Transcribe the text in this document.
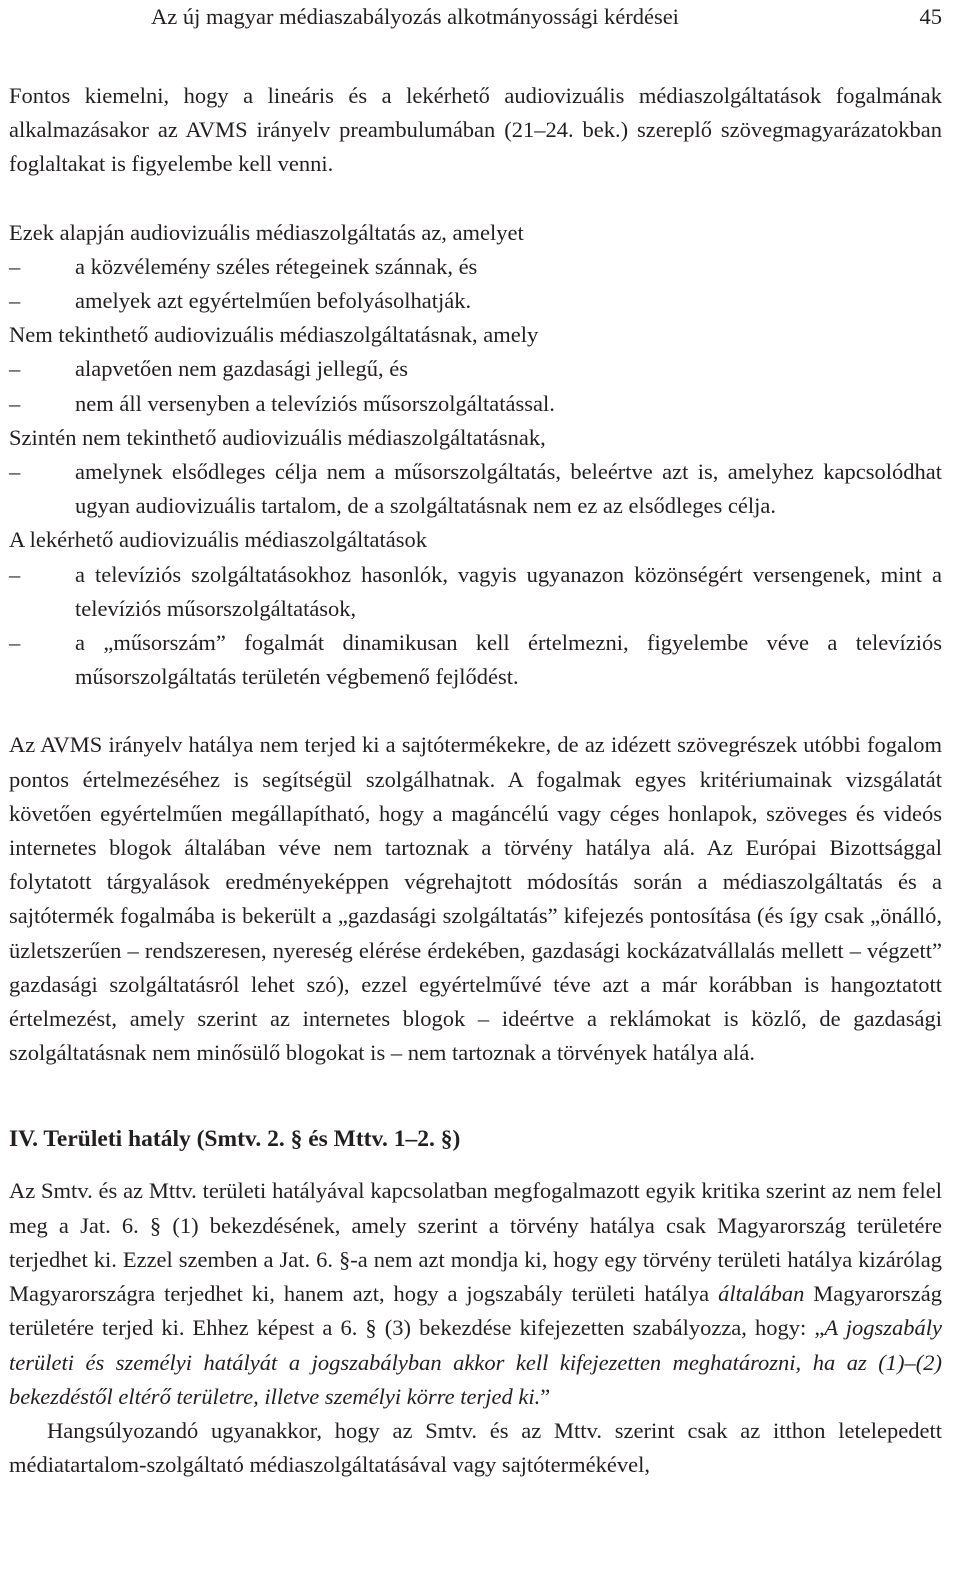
Az új magyar médiaszabályozás alkotmányossági kérdései	45

Fontos kiemelni, hogy a lineáris és a lekérhető audiovizuális médiaszolgáltatások fogalmának alkalmazásakor az AVMS irányelv preambulumában (21–24. bek.) szereplő szövegmagyarázatokban foglaltakat is figyelembe kell venni.

Ezek alapján audiovizuális médiaszolgáltatás az, amelyet

–	a közvélemény széles rétegeinek szánnak, és
–	amelyek azt egyértelműen befolyásolhatják.

Nem tekinthető audiovizuális médiaszolgáltatásnak, amely

–	alapvetően nem gazdasági jellegű, és
–	nem áll versenyben a televíziós műsorszolgáltatással.

Szintén nem tekinthető audiovizuális médiaszolgáltatásnak,

–	amelynek elsődleges célja nem a műsorszolgáltatás, beleértve azt is, amelyhez kapcsolódhat ugyan audiovizuális tartalom, de a szolgáltatásnak nem ez az elsődleges célja.

A lekérhető audiovizuális médiaszolgáltatások

–	a televíziós szolgáltatásokhoz hasonlók, vagyis ugyanazon közönségért versengenek, mint a televíziós műsorszolgáltatások,
–	a „műsorszám” fogalmát dinamikusan kell értelmezni, figyelembe véve a televíziós műsorszolgáltatás területén végbemenő fejlődést.

Az AVMS irányelv hatálya nem terjed ki a sajtótermékekre, de az idézett szövegrészek utóbbi fogalom pontos értelmezéséhez is segítségül szolgálhatnak. A fogalmak egyes kritériumainak vizsgálatát követően egyértelműen megállapítható, hogy a magáncélú vagy céges honlapok, szöveges és videós internetes blogok általában véve nem tartoznak a törvény hatálya alá. Az Európai Bizottsággal folytatott tárgyalások eredményeképpen végrehajtott módosítás során a médiaszolgáltatás és a sajtótermék fogalmába is bekerült a „gazdasági szolgáltatás” kifejezés pontosítása (és így csak „önálló, üzletszerűen – rendszeresen, nyereség elérése érdekében, gazdasági kockázatvállalás mellett – végzett” gazdasági szolgáltatásról lehet szó), ezzel egyértelművé téve azt a már korábban is hangoztatott értelmezést, amely szerint az internetes blogok – ideértve a reklámokat is közlő, de gazdasági szolgáltatásnak nem minősülő blogokat is – nem tartoznak a törvények hatálya alá.

IV. Területi hatály (Smtv. 2. § és Mttv. 1–2. §)

Az Smtv. és az Mttv. területi hatályával kapcsolatban megfogalmazott egyik kritika szerint az nem felel meg a Jat. 6. § (1) bekezdésének, amely szerint a törvény hatálya csak Magyarország területére terjedhet ki. Ezzel szemben a Jat. 6. §-a nem azt mondja ki, hogy egy törvény területi hatálya kizárólag Magyarországra terjedhet ki, hanem azt, hogy a jogszabály területi hatálya általában Magyarország területére terjed ki. Ehhez képest a 6. § (3) bekezdése kifejezetten szabályozza, hogy: „A jogszabály területi és személyi hatályát a jogszabályban akkor kell kifejezetten meghatározni, ha az (1)–(2) bekezdéstől eltérő területre, illetve személyi körre terjed ki.”

Hangsúlyozandó ugyanakkor, hogy az Smtv. és az Mttv. szerint csak az itthon letelepedett médiatartalom-szolgáltató médiaszolgáltatásával vagy sajtótermékével,
